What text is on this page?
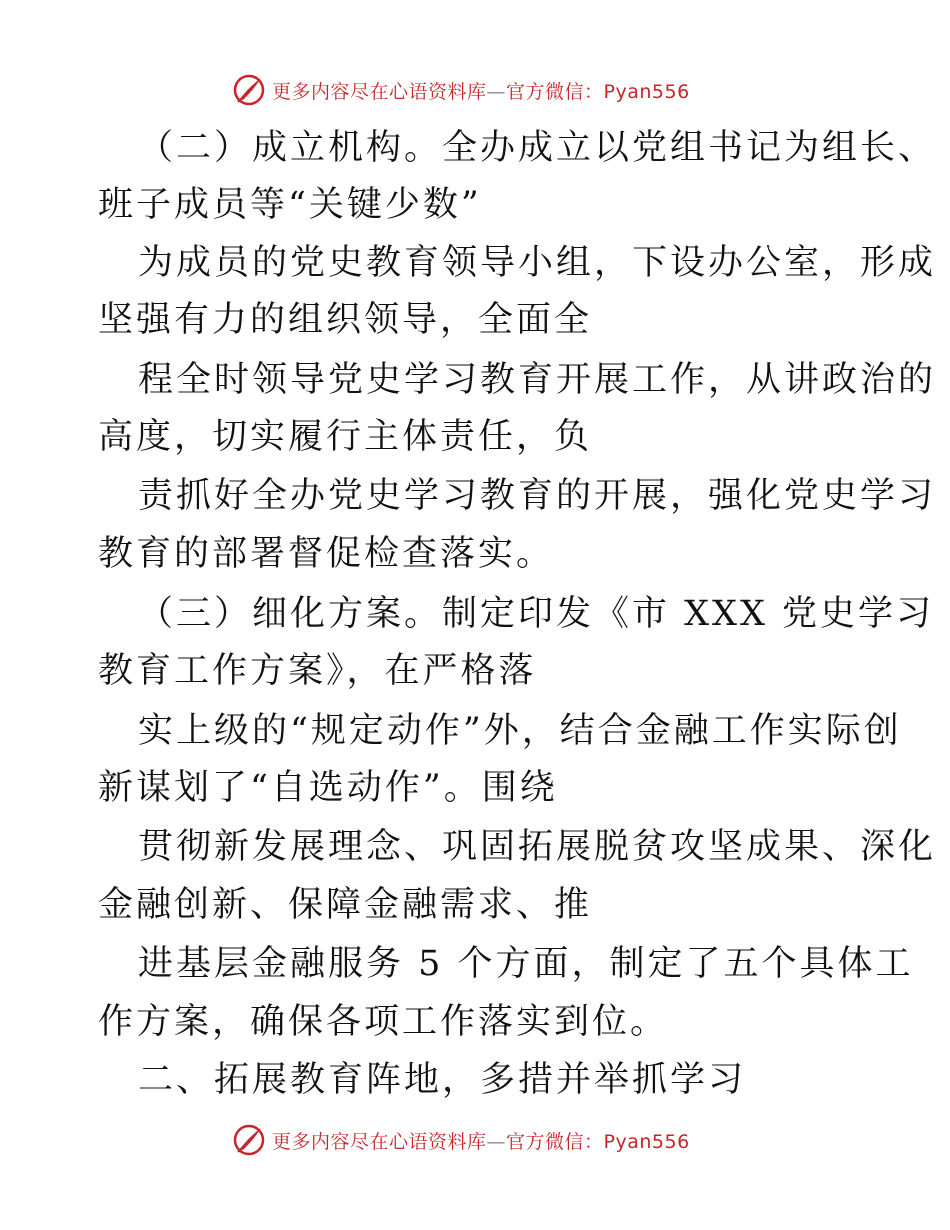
更多内容尽在心语资料库—官方微信：Pyan556
（二）成立机构。全办成立以党组书记为组长、
班子成员等“关键少数”
为成员的党史教育领导小组，下设办公室，形成
坚强有力的组织领导，全面全
程全时领导党史学习教育开展工作，从讲政治的
高度，切实履行主体责任，负
责抓好全办党史学习教育的开展，强化党史学习
教育的部署督促检查落实。
（三）细化方案。制定印发《市 XXX 党史学习
教育工作方案》，在严格落
实上级的“规定动作”外，结合金融工作实际创
新谋划了“自选动作”。围绕
贯彻新发展理念、巩固拓展脱贫攻坚成果、深化
金融创新、保障金融需求、推
进基层金融服务 5 个方面，制定了五个具体工
作方案，确保各项工作落实到位。
二、拓展教育阵地，多措并举抓学习
更多内容尽在心语资料库—官方微信：Pyan556
